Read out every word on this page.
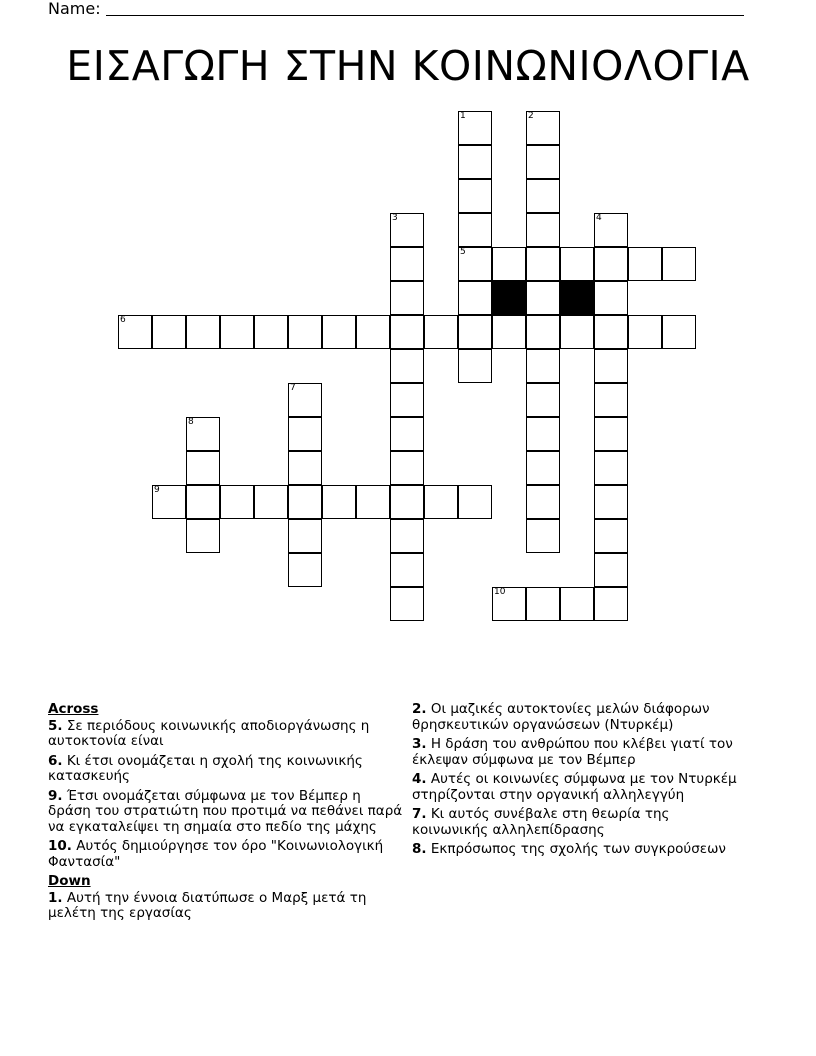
Name:
ΕΙΣΑΓΩΓΗ ΣΤΗΝ ΚΟΙΝΩΝΙΟΛΟΓΙΑ
1	2
3	4
5
6
7
8
9
10
Across
5. Σε περιόδους κοινωνικής αποδιοργάνωσης η αυτοκτονία είναι
6. Κι έτσι ονομάζεται η σχολή της κοινωνικής κατασκευής
9. Έτσι ονομάζεται σύμφωνα με τον Βέμπερ η δράση του στρατιώτη που προτιμά να πεθάνει παρά να εγκαταλείψει τη σημαία στο πεδίο της μάχης
10. Αυτός δημιούργησε τον όρο "Κοινωνιολογική Φαντασία"
Down
1. Αυτή την έννοια διατύπωσε ο Μαρξ μετά τη μελέτη της εργασίας
2. Οι μαζικές αυτοκτονίες μελών διάφορων θρησκευτικών οργανώσεων (Ντυρκέμ)
3. Η δράση του ανθρώπου που κλέβει γιατί τον έκλεψαν σύμφωνα με τον Βέμπερ
4. Αυτές οι κοινωνίες σύμφωνα με τον Ντυρκέμ στηρίζονται στην οργανική αλληλεγγύη
7. Κι αυτός συνέβαλε στη θεωρία της κοινωνικής αλληλεπίδρασης
8. Εκπρόσωπος της σχολής των συγκρούσεων
